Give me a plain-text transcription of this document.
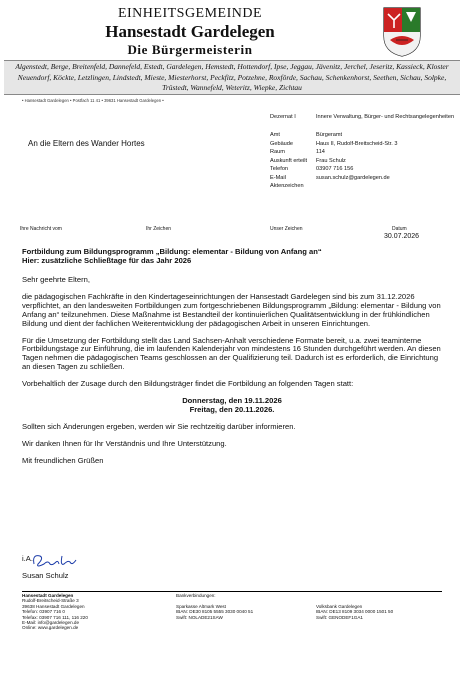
EINHEITSGEMEINDE
Hansestadt Gardelegen
Die Bürgermeisterin
Algenstedt, Berge, Breitenfeld, Dannefeld, Estedt, Gardelegen, Hemstedt, Hottendorf, Ipse, Jeggau, Jävenitz, Jerchel, Jeseritz, Kassieck, Kloster Neuendorf, Köckte, Letzlingen, Lindstedt, Mieste, Miesterhorst, Peckfitz, Potzehne, Roxförde, Sachau, Schenkenhorst, Seethen, Sichau, Solpke, Trüstedt, Wannefeld, Weteritz, Wiepke, Zichtau
• Hansestadt Gardelegen • Postfach 11 41 • 39631 Hansestadt Gardelegen •
An die Eltern des Wander Hortes
Dezernat I	Innere Verwaltung, Bürger- und Rechtsangelegenheiten
Amt	Bürgeramt
Gebäude	Haus II, Rudolf-Breitscheid-Str. 3
Raum	114
Auskunft erteilt	Frau Schulz
Telefon	03907 716 156
E-Mail	susan.schulz@gardelegen.de
Aktenzeichen
Ihre Nachricht vom	Ihr Zeichen	Unser Zeichen	Datum
30.07.2026
Fortbildung zum Bildungsprogramm „Bildung: elementar - Bildung von Anfang an“
Hier: zusätzliche Schließtage für das Jahr 2026

Sehr geehrte Eltern,

die pädagogischen Fachkräfte in den Kindertageseinrichtungen der Hansestadt Gardelegen sind bis zum 31.12.2026 verpflichtet, an den landesweiten Fortbildungen zum fortgeschriebenen Bildungsprogramm „Bildung: elementar - Bildung von Anfang an“ teilzunehmen. Diese Maßnahme ist Bestandteil der kontinuierlichen Qualitätsentwicklung in der frühkindlichen Bildung und dient der fachlichen Weiterentwicklung der pädagogischen Arbeit in unseren Einrichtungen.

Für die Umsetzung der Fortbildung stellt das Land Sachsen-Anhalt verschiedene Formate bereit, u.a. zwei teaminterne Fortbildungstage zur Einführung, die im laufenden Kalenderjahr von mindestens 16 Stunden durchgeführt werden. An diesen Tagen nehmen die pädagogischen Teams geschlossen an der Qualifizierung teil. Dadurch ist es erforderlich, die Einrichtung an diesen Tagen zu schließen.

Vorbehaltlich der Zusage durch den Bildungsträger findet die Fortbildung an folgenden Tagen statt:

Donnerstag, den 19.11.2026
Freitag, den 20.11.2026.

Sollten sich Änderungen ergeben, werden wir Sie rechtzeitig darüber informieren.

Wir danken Ihnen für Ihr Verständnis und Ihre Unterstützung.

Mit freundlichen Grüßen

i.A.
Susan Schulz
Hansestadt Gardelegen
Rudolf-Breitscheid-Straße 3
39638 Hansestadt Gardelegen
Telefon: 03907 716 0
Telefax: 03907 716 111, 116 220
E-Mail: info@gardelegen.de
Online: www.gardelegen.de
Bankverbindungen:

Sparkasse Altmark West
IBAN: DE30 8105 5555 3030 0040 51
Swift: NOLADE21SAW

Volksbank Gardelegen
IBAN: DE13 8109 3034 0000 1501 50
Swift: GENODEF1GA1
